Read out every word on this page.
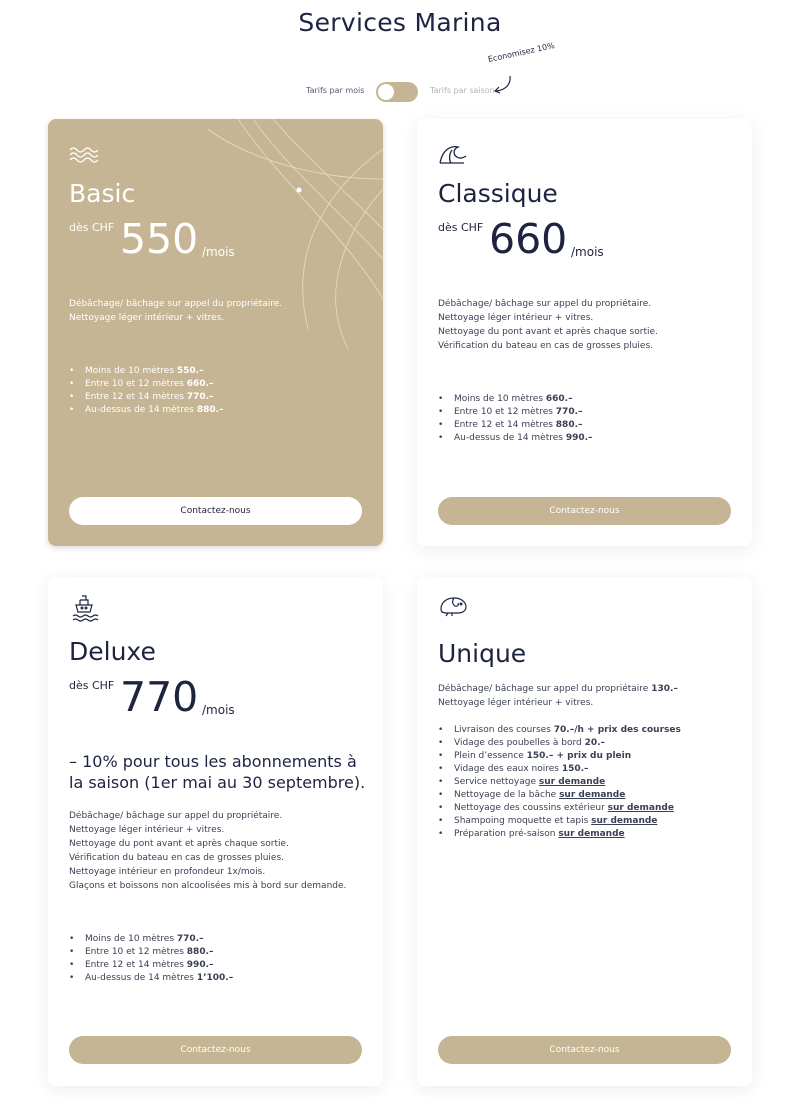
Services Marina
Economisez 10%
Tarifs par mois	Tarifs par saison
Basic
dès CHF 550 /mois
Débâchage/ bâchage sur appel du propriétaire.
Nettoyage léger intérieur + vitres.
• Moins de 10 mètres 550.–
• Entre 10 et 12 mètres 660.–
• Entre 12 et 14 mètres 770.–
• Au-dessus de 14 mètres 880.–
Contactez-nous
Classique
dès CHF 660 /mois
Débâchage/ bâchage sur appel du propriétaire.
Nettoyage léger intérieur + vitres.
Nettoyage du pont avant et après chaque sortie.
Vérification du bateau en cas de grosses pluies.
• Moins de 10 mètres 660.–
• Entre 10 et 12 mètres 770.–
• Entre 12 et 14 mètres 880.–
• Au-dessus de 14 mètres 990.–
Contactez-nous
Deluxe
dès CHF 770 /mois
– 10% pour tous les abonnements à la saison (1er mai au 30 septembre).
Débâchage/ bâchage sur appel du propriétaire.
Nettoyage léger intérieur + vitres.
Nettoyage du pont avant et après chaque sortie.
Vérification du bateau en cas de grosses pluies.
Nettoyage intérieur en profondeur 1x/mois.
Glaçons et boissons non alcoolisées mis à bord sur demande.
• Moins de 10 mètres 770.–
• Entre 10 et 12 mètres 880.–
• Entre 12 et 14 mètres 990.–
• Au-dessus de 14 mètres 1’100.–
Contactez-nous
Unique
Débâchage/ bâchage sur appel du propriétaire 130.–
Nettoyage léger intérieur + vitres.
• Livraison des courses 70.–/h + prix des courses
• Vidage des poubelles à bord 20.–
• Plein d’essence 150.– + prix du plein
• Vidage des eaux noires 150.–
• Service nettoyage sur demande
• Nettoyage de la bâche sur demande
• Nettoyage des coussins extérieur sur demande
• Shampoing moquette et tapis sur demande
• Préparation pré-saison sur demande
Contactez-nous
